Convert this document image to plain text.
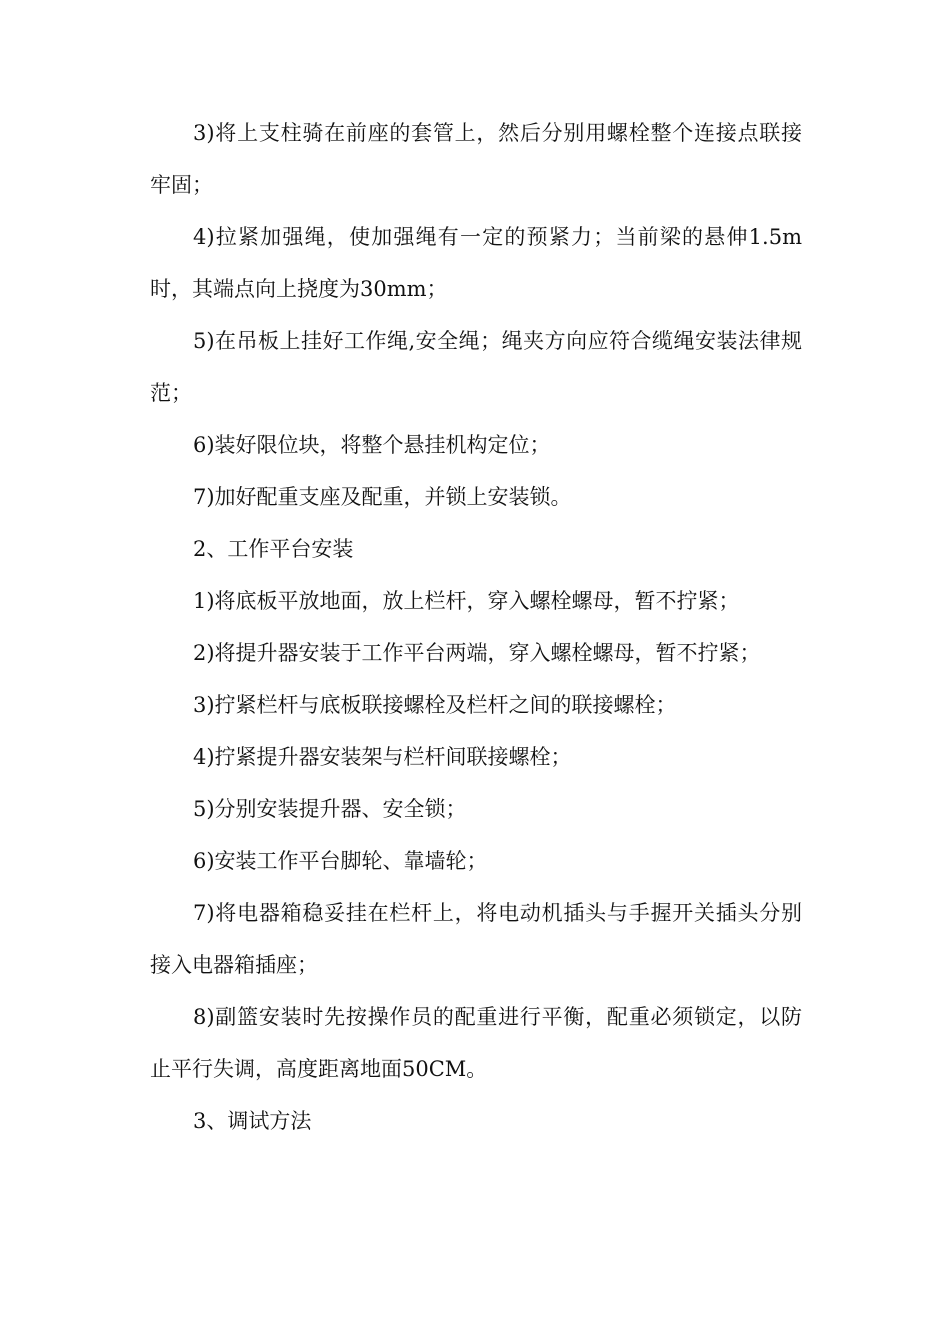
3)将上支柱骑在前座的套管上，然后分别用螺栓整个连接点联接牢固；

4)拉紧加强绳，使加强绳有一定的预紧力；当前梁的悬伸1.5m时，其端点向上挠度为30mm；

5)在吊板上挂好工作绳,安全绳；绳夹方向应符合缆绳安装法律规范；

6)装好限位块，将整个悬挂机构定位；

7)加好配重支座及配重，并锁上安装锁。

2、工作平台安装

1)将底板平放地面，放上栏杆，穿入螺栓螺母，暂不拧紧；

2)将提升器安装于工作平台两端，穿入螺栓螺母，暂不拧紧；

3)拧紧栏杆与底板联接螺栓及栏杆之间的联接螺栓；

4)拧紧提升器安装架与栏杆间联接螺栓；

5)分别安装提升器、安全锁；

6)安装工作平台脚轮、靠墙轮；

7)将电器箱稳妥挂在栏杆上，将电动机插头与手握开关插头分别接入电器箱插座；

8)副篮安装时先按操作员的配重进行平衡，配重必须锁定，以防止平行失调，高度距离地面50CM。

3、调试方法
